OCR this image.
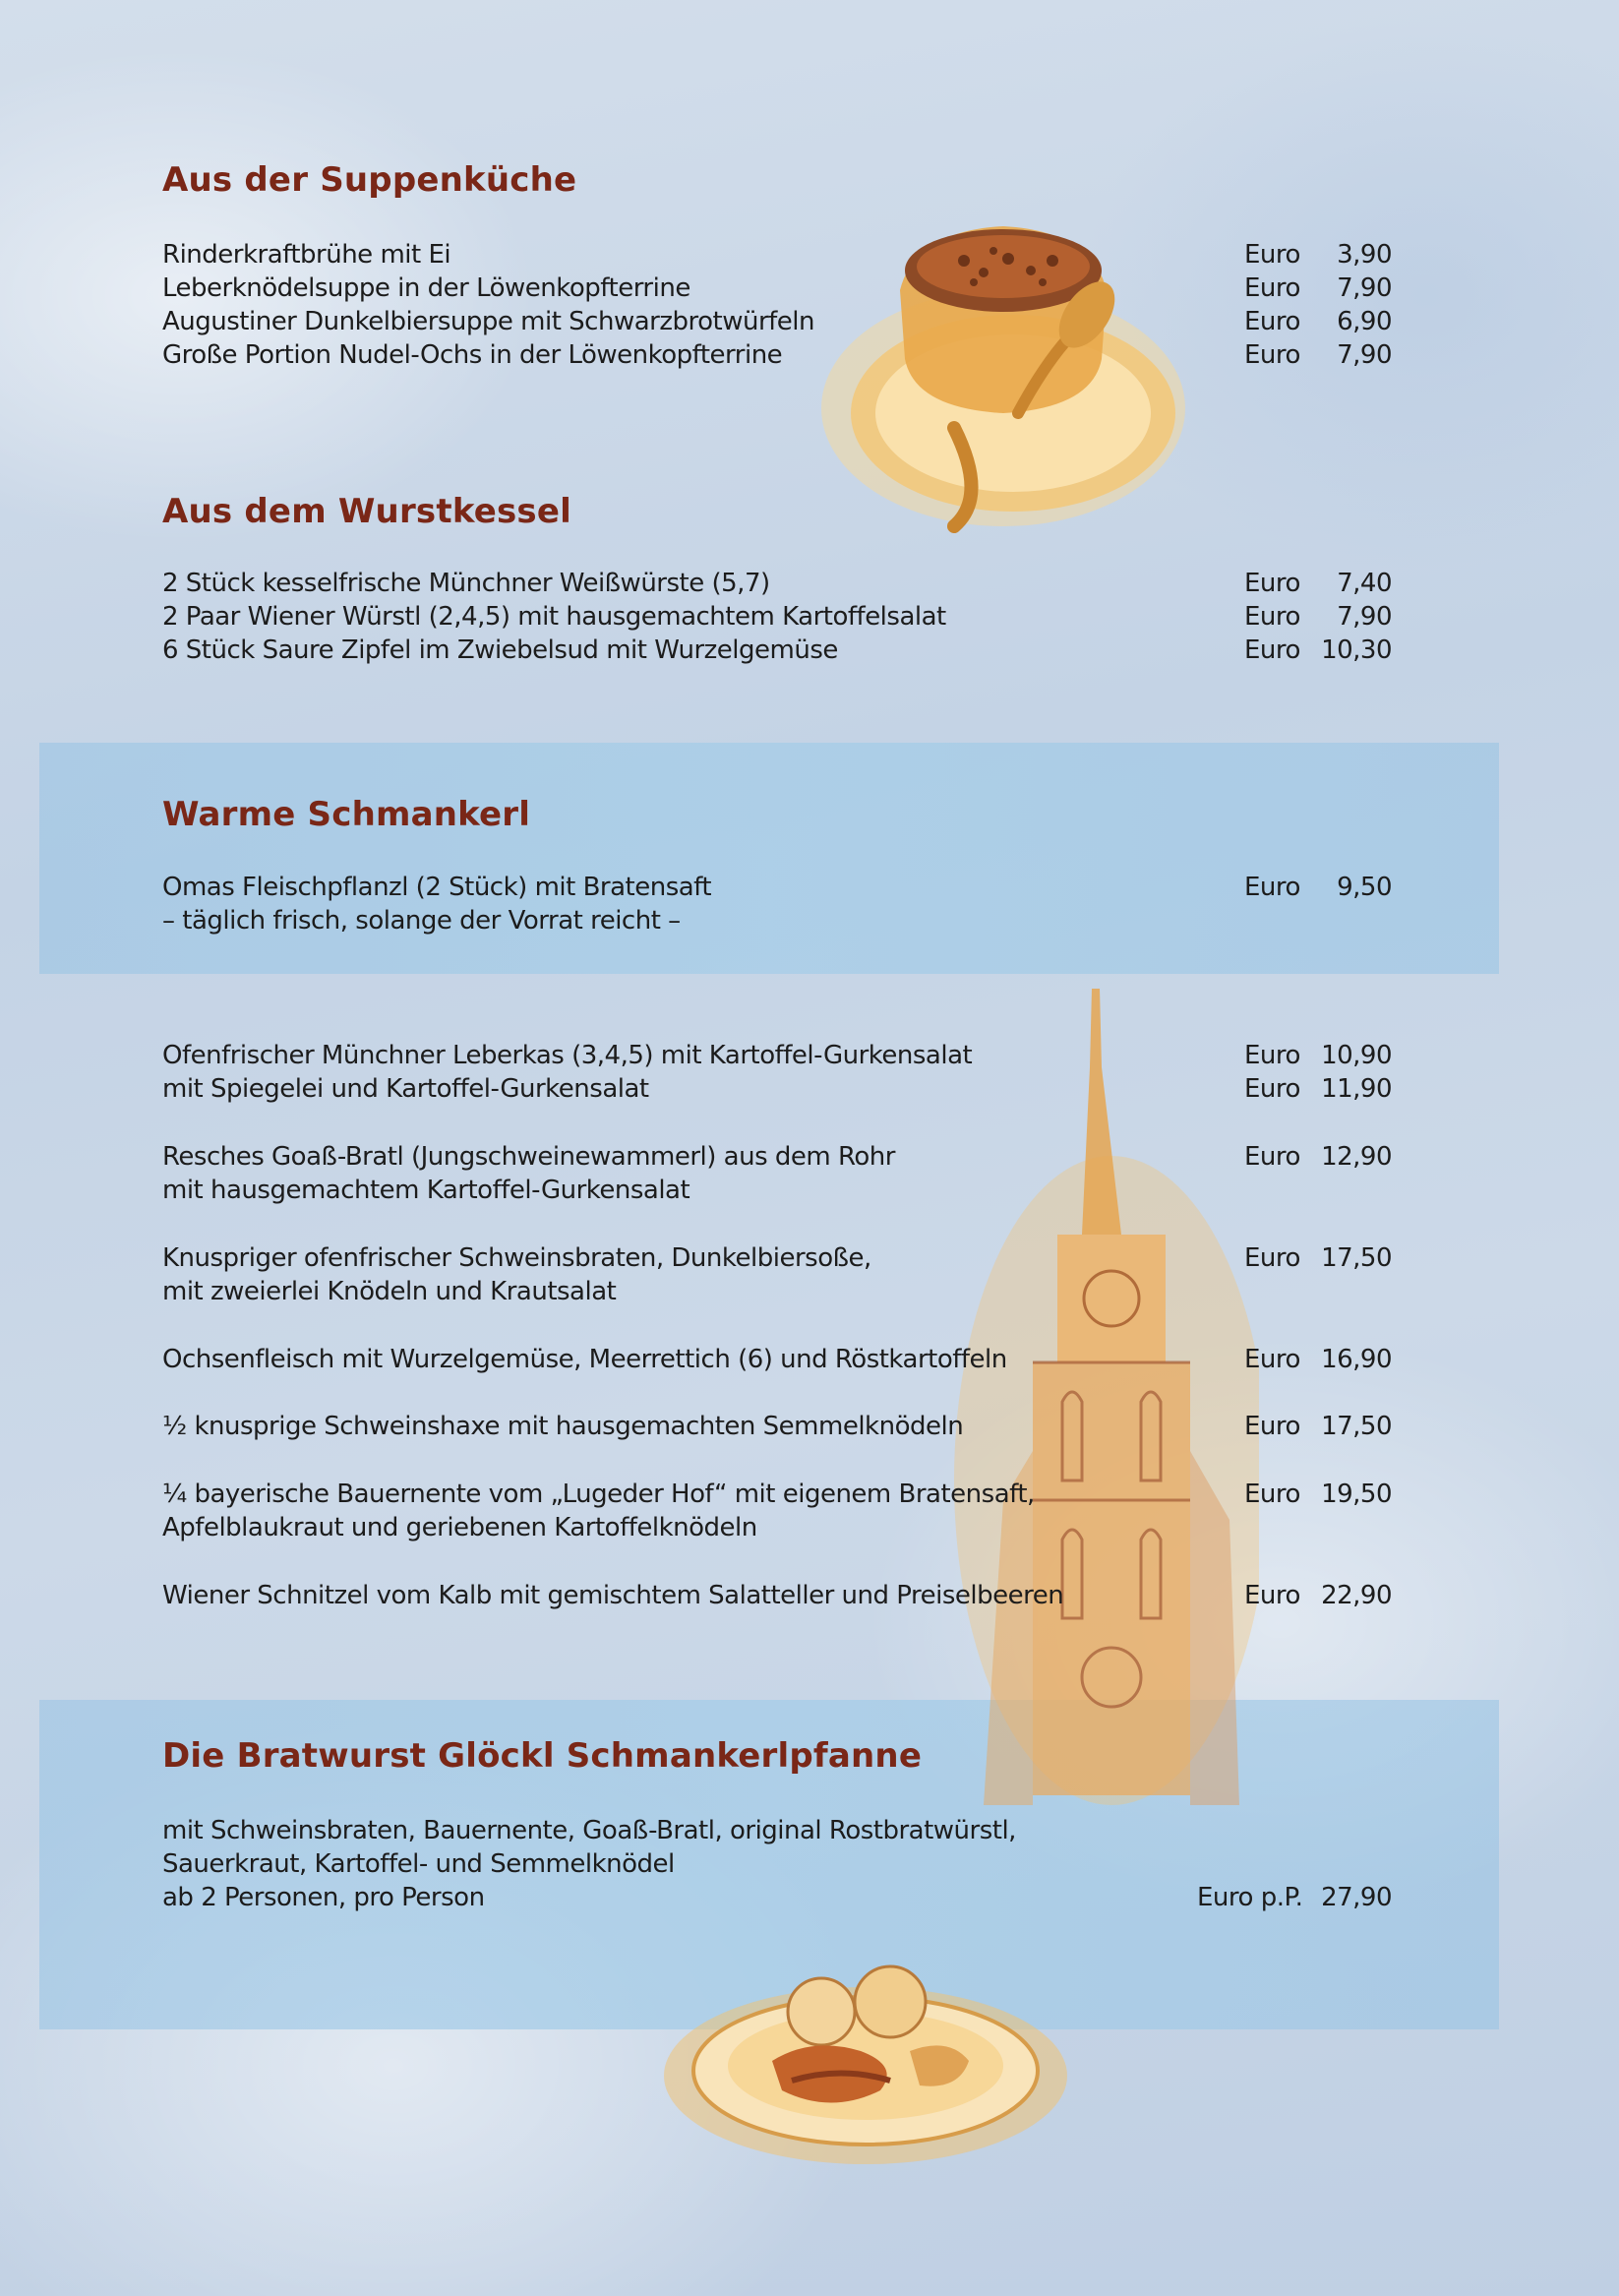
Aus der Suppenküche
Rinderkraftbrühe mit Ei	Euro 3,90
Leberknödelsuppe in der Löwenkopfterrine	Euro 7,90
Augustiner Dunkelbiersuppe mit Schwarzbrotwürfeln	Euro 6,90
Große Portion Nudel-Ochs in der Löwenkopfterrine	Euro 7,90
Aus dem Wurstkessel
2 Stück kesselfrische Münchner Weißwürste (5,7)	Euro 7,40
2 Paar Wiener Würstl (2,4,5) mit hausgemachtem Kartoffelsalat	Euro 7,90
6 Stück Saure Zipfel im Zwiebelsud mit Wurzelgemüse	Euro 10,30
Warme Schmankerl
Omas Fleischpflanzl (2 Stück) mit Bratensaft
– täglich frisch, solange der Vorrat reicht –
Euro 9,50
Ofenfrischer Münchner Leberkas (3,4,5) mit Kartoffel-Gurkensalat	Euro 10,90
mit Spiegelei und Kartoffel-Gurkensalat	Euro 11,90
Resches Goaß-Bratl (Jungschweinewammerl) aus dem Rohr
mit hausgemachtem Kartoffel-Gurkensalat
Euro 12,90
Knuspriger ofenfrischer Schweinsbraten, Dunkelbiersoße,
mit zweierlei Knödeln und Krautsalat
Euro 17,50
Ochsenfleisch mit Wurzelgemüse, Meerrettich (6) und Röstkartoffeln	Euro 16,90
½ knusprige Schweinshaxe mit hausgemachten Semmelknödeln	Euro 17,50
¼ bayerische Bauernente vom „Lugeder Hof“ mit eigenem Bratensaft,
Apfelblaukraut und geriebenen Kartoffelknödeln
Euro 19,50
Wiener Schnitzel vom Kalb mit gemischtem Salatteller und Preiselbeeren	Euro 22,90
Die Bratwurst Glöckl Schmankerlpfanne
mit Schweinsbraten, Bauernente, Goaß-Bratl, original Rostbratwürstl,
Sauerkraut, Kartoffel- und Semmelknödel
ab 2 Personen, pro Person	Euro p.P. 27,90
